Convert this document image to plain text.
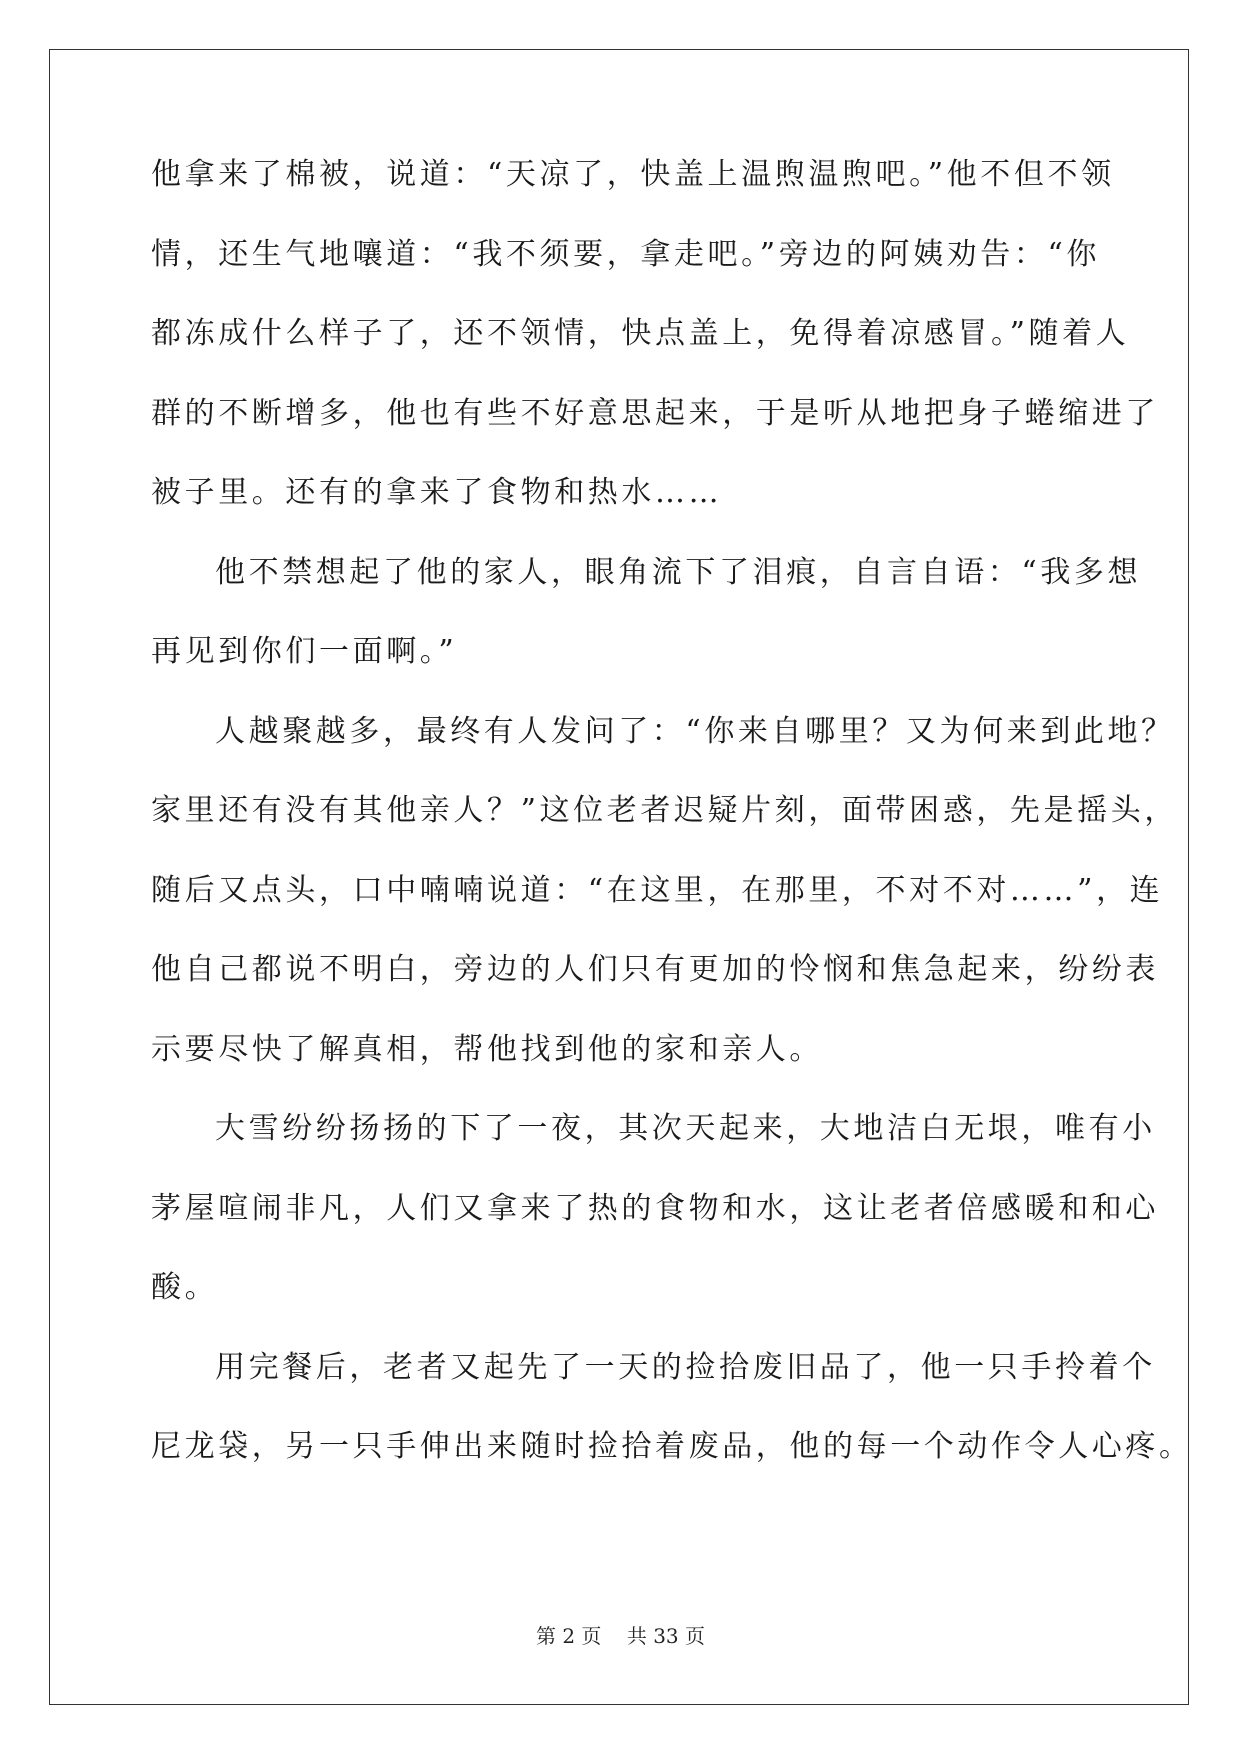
他拿来了棉被，说道：“天凉了，快盖上温煦温煦吧。”他不但不领
情，还生气地嚷道：“我不须要，拿走吧。”旁边的阿姨劝告：“你
都冻成什么样子了，还不领情，快点盖上，免得着凉感冒。”随着人
群的不断增多，他也有些不好意思起来，于是听从地把身子蜷缩进了
被子里。还有的拿来了食物和热水……
他不禁想起了他的家人，眼角流下了泪痕，自言自语：“我多想
再见到你们一面啊。”
人越聚越多，最终有人发问了：“你来自哪里？又为何来到此地？
家里还有没有其他亲人？”这位老者迟疑片刻，面带困惑，先是摇头，
随后又点头，口中喃喃说道：“在这里，在那里，不对不对……”，连
他自己都说不明白，旁边的人们只有更加的怜悯和焦急起来，纷纷表
示要尽快了解真相，帮他找到他的家和亲人。
大雪纷纷扬扬的下了一夜，其次天起来，大地洁白无垠，唯有小
茅屋喧闹非凡，人们又拿来了热的食物和水，这让老者倍感暖和和心
酸。
用完餐后，老者又起先了一天的捡拾废旧品了，他一只手拎着个
尼龙袋，另一只手伸出来随时捡拾着废品，他的每一个动作令人心疼。
第 2 页    共 33 页
